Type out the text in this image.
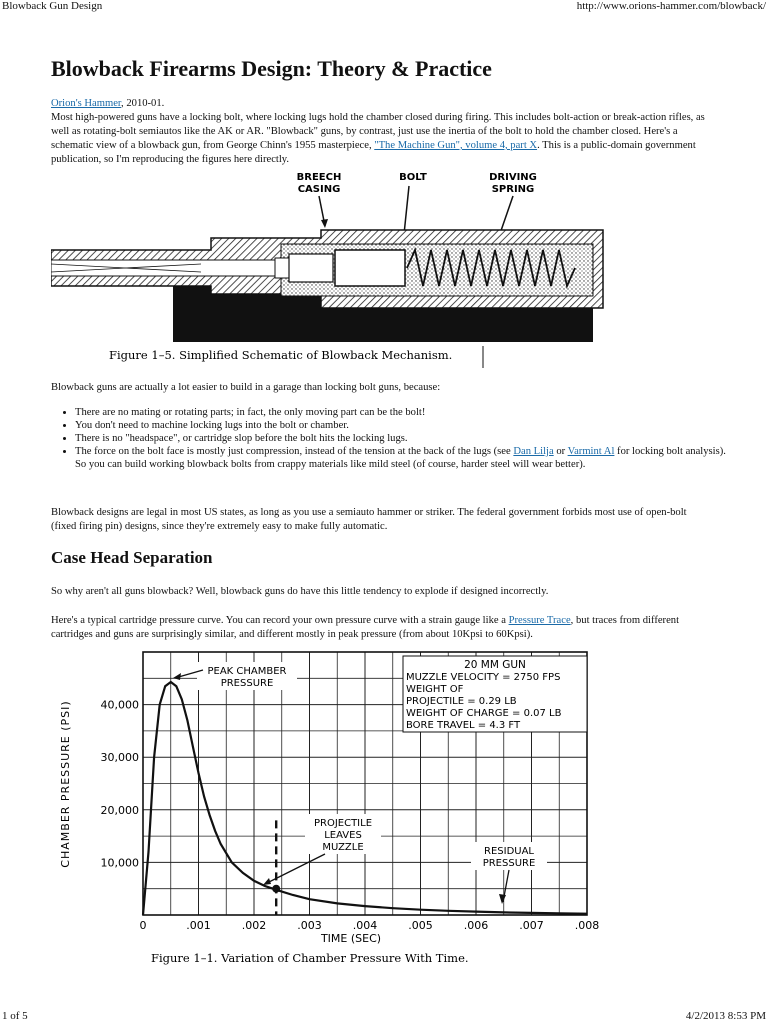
Blowback Gun Design	http://www.orions-hammer.com/blowback/
Blowback Firearms Design: Theory & Practice

Orion's Hammer, 2010-01.
Most high-powered guns have a locking bolt, where locking lugs hold the chamber closed during firing. This includes bolt-action or break-action rifles, as well as rotating-bolt semiautos like the AK or AR. "Blowback" guns, by contrast, just use the inertia of the bolt to hold the chamber closed. Here's a schematic view of a blowback gun, from George Chinn's 1955 masterpiece, "The Machine Gun", volume 4, part X. This is a public-domain government publication, so I'm reproducing the figures here directly.

BREECH
CASING
BOLT	DRIVING
SPRING
Figure 1–5. Simplified Schematic of Blowback Mechanism.

Blowback guns are actually a lot easier to build in a garage than locking bolt guns, because:

• There are no mating or rotating parts; in fact, the only moving part can be the bolt!
• You don't need to machine locking lugs into the bolt or chamber.
• There is no "headspace", or cartridge slop before the bolt hits the locking lugs.
• The force on the bolt face is mostly just compression, instead of the tension at the back of the lugs (see Dan Lilja or Varmint Al for locking bolt analysis). So you can build working blowback bolts from crappy materials like mild steel (of course, harder steel will wear better).

Blowback designs are legal in most US states, as long as you use a semiauto hammer or striker. The federal government forbids most use of open-bolt (fixed firing pin) designs, since they're extremely easy to make fully automatic.

Case Head Separation

So why aren't all guns blowback? Well, blowback guns do have this little tendency to explode if designed incorrectly.

Here's a typical cartridge pressure curve. You can record your own pressure curve with a strain gauge like a Pressure Trace, but traces from different cartridges and guns are surprisingly similar, and different mostly in peak pressure (from about 10Kpsi to 60Kpsi).

10,000
20,000
30,000
40,000
0	.001	.002	.003	.004	.005	.006	.007	.008
TIME (SEC)
CHAMBER PRESSURE (PSI)
20 MM GUN
MUZZLE VELOCITY = 2750 FPS
WEIGHT OF
PROJECTILE = 0.29 LB
WEIGHT OF CHARGE = 0.07 LB
BORE TRAVEL = 4.3 FT
PEAK CHAMBER
PRESSURE
PROJECTILE
LEAVES
MUZZLE	RESIDUAL
PRESSURE
Figure 1–1. Variation of Chamber Pressure With Time.
1 of 5	4/2/2013 8:53 PM
